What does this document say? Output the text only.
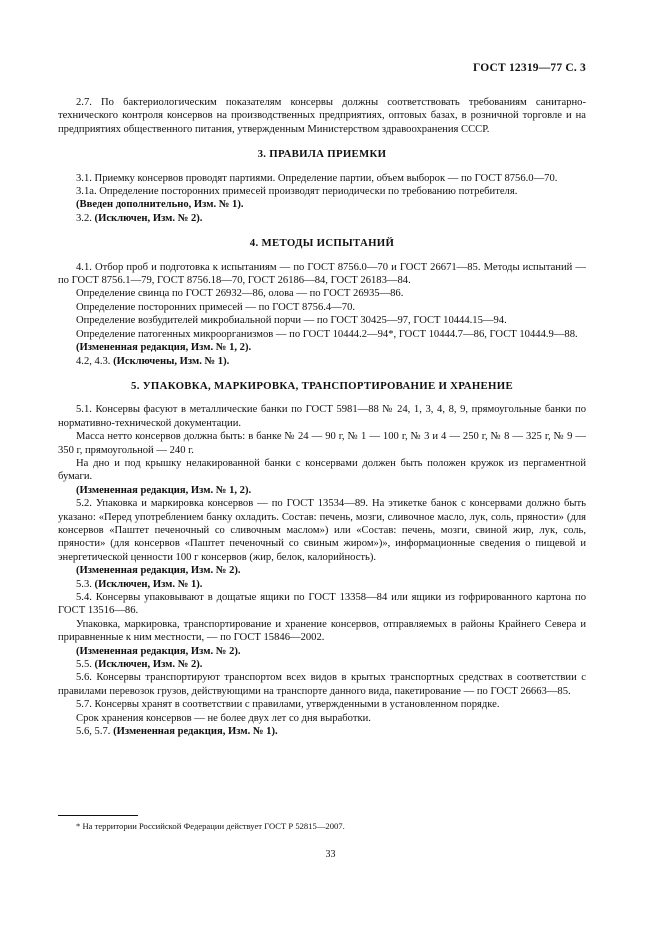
ГОСТ 12319—77 С. 3

2.7. По бактериологическим показателям консервы должны соответствовать требованиям санитарно-технического контроля консервов на производственных предприятиях, оптовых базах, в розничной торговле и на предприятиях общественного питания, утвержденным Министерством здравоохранения СССР.

3. ПРАВИЛА ПРИЕМКИ

3.1. Приемку консервов проводят партиями. Определение партии, объем выборок — по ГОСТ 8756.0—70.

3.1а. Определение посторонних примесей производят периодически по требованию потребителя.

(Введен дополнительно, Изм. № 1).

3.2. (Исключен, Изм. № 2).

4. МЕТОДЫ ИСПЫТАНИЙ

4.1. Отбор проб и подготовка к испытаниям — по ГОСТ 8756.0—70 и ГОСТ 26671—85. Методы испытаний — по ГОСТ 8756.1—79, ГОСТ 8756.18—70, ГОСТ 26186—84, ГОСТ 26183—84.

Определение свинца по ГОСТ 26932—86, олова — по ГОСТ 26935—86.

Определение посторонних примесей — по ГОСТ 8756.4—70.

Определение возбудителей микробиальной порчи — по ГОСТ 30425—97, ГОСТ 10444.15—94.

Определение патогенных микроорганизмов — по ГОСТ 10444.2—94*, ГОСТ 10444.7—86, ГОСТ 10444.9—88.

(Измененная редакция, Изм. № 1, 2).

4.2, 4.3. (Исключены, Изм. № 1).

5. УПАКОВКА, МАРКИРОВКА, ТРАНСПОРТИРОВАНИЕ И ХРАНЕНИЕ

5.1. Консервы фасуют в металлические банки по ГОСТ 5981—88 № 24, 1, 3, 4, 8, 9, прямоугольные банки по нормативно-технической документации.

Масса нетто консервов должна быть: в банке № 24 — 90 г, № 1 — 100 г, № 3 и 4 — 250 г, № 8 — 325 г, № 9 — 350 г, прямоугольной — 240 г.

На дно и под крышку нелакированной банки с консервами должен быть положен кружок из пергаментной бумаги.

(Измененная редакция, Изм. № 1, 2).

5.2. Упаковка и маркировка консервов — по ГОСТ 13534—89. На этикетке банок с консервами должно быть указано: «Перед употреблением банку охладить. Состав: печень, мозги, сливочное масло, лук, соль, пряности» (для консервов «Паштет печеночный со сливочным маслом») или «Состав: печень, мозги, свиной жир, лук, соль, пряности» (для консервов «Паштет печеночный со свиным жиром»)», информационные сведения о пищевой и энергетической ценности 100 г консервов (жир, белок, калорийность).

(Измененная редакция, Изм. № 2).

5.3. (Исключен, Изм. № 1).

5.4. Консервы упаковывают в дощатые ящики по ГОСТ 13358—84 или ящики из гофрированного картона по ГОСТ 13516—86.

Упаковка, маркировка, транспортирование и хранение консервов, отправляемых в районы Крайнего Севера и приравненные к ним местности, — по ГОСТ 15846—2002.

(Измененная редакция, Изм. № 2).

5.5. (Исключен, Изм. № 2).

5.6. Консервы транспортируют транспортом всех видов в крытых транспортных средствах в соответствии с правилами перевозок грузов, действующими на транспорте данного вида, пакетирование — по ГОСТ 26663—85.

5.7. Консервы хранят в соответствии с правилами, утвержденными в установленном порядке.

Срок хранения консервов — не более двух лет со дня выработки.

5.6, 5.7. (Измененная редакция, Изм. № 1).

* На территории Российской Федерации действует ГОСТ Р 52815—2007.
33
